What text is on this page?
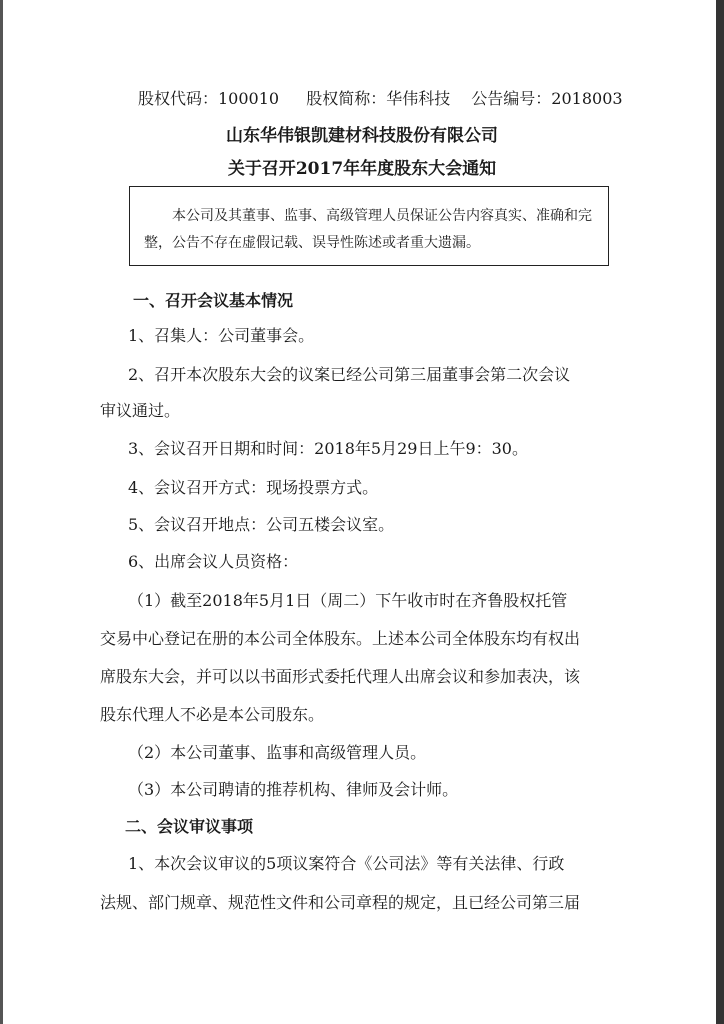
股权代码：100010 股权简称：华伟科技 公告编号：2018003
山东华伟银凯建材科技股份有限公司
关于召开2017年年度股东大会通知

本公司及其董事、监事、高级管理人员保证公告内容真实、准确和完

整，公告不存在虚假记载、误导性陈述或者重大遗漏。
一、召开会议基本情况
1、召集人：公司董事会。
2、召开本次股东大会的议案已经公司第三届董事会第二次会议
审议通过。
3、会议召开日期和时间：2018年5月29日上午9：30。
4、会议召开方式：现场投票方式。
5、会议召开地点：公司五楼会议室。
6、出席会议人员资格：
（1）截至2018年5月1日（周二）下午收市时在齐鲁股权托管
交易中心登记在册的本公司全体股东。上述本公司全体股东均有权出
席股东大会，并可以以书面形式委托代理人出席会议和参加表决，该
股东代理人不必是本公司股东。
（2）本公司董事、监事和高级管理人员。
（3）本公司聘请的推荐机构、律师及会计师。
二、会议审议事项
1、本次会议审议的5项议案符合《公司法》等有关法律、行政
法规、部门规章、规范性文件和公司章程的规定，且已经公司第三届
